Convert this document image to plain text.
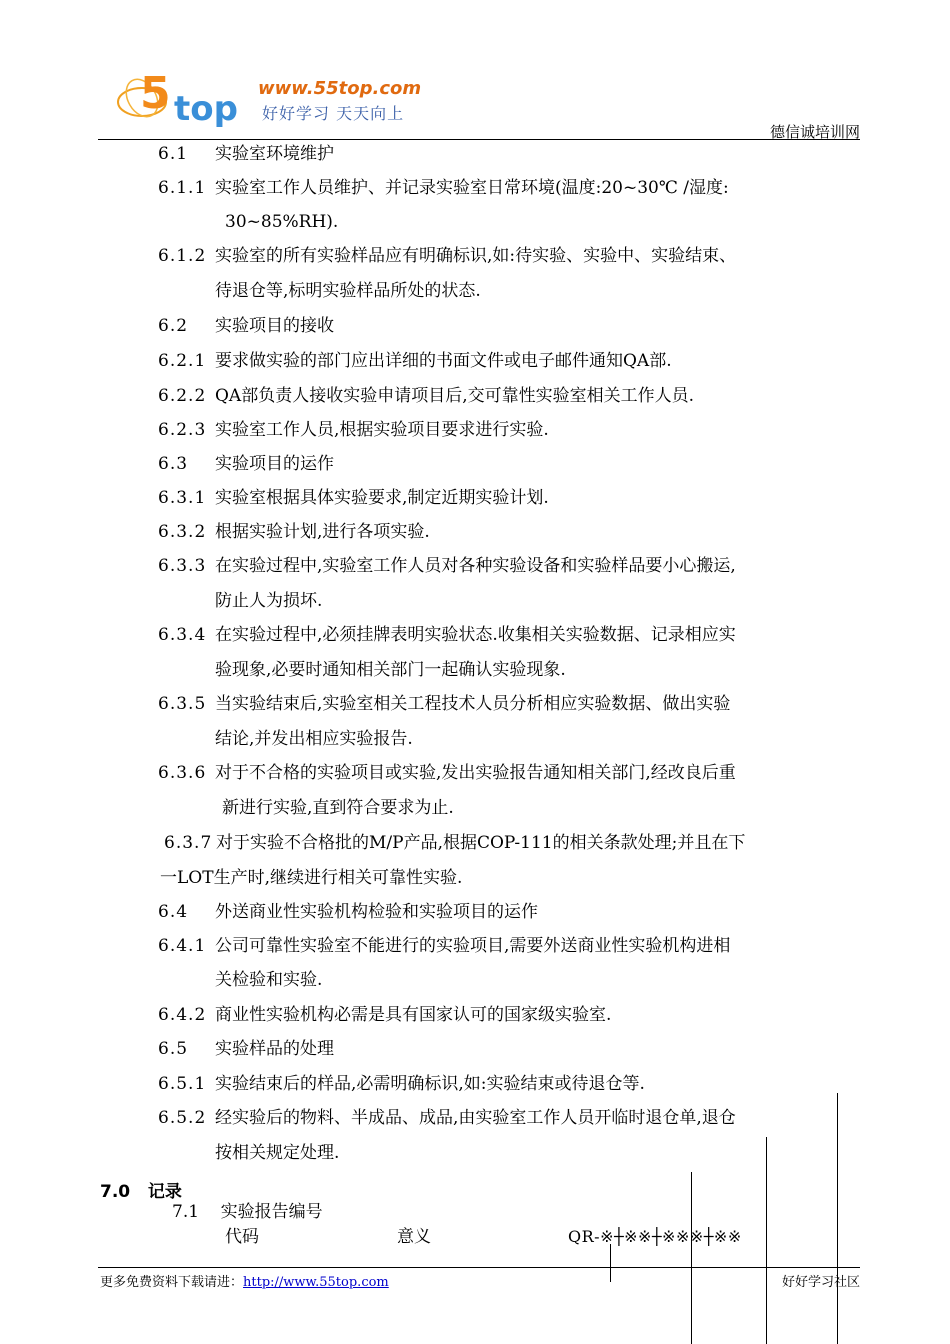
5 top
www.55top.com
好好学习 天天向上
德信诚培训网
6.1 实验室环境维护
6.1.1 实验室工作人员维护、并记录实验室日常环境(温度:20~30℃ /湿度:
30~85%RH).
6.1.2 实验室的所有实验样品应有明确标识,如:待实验、实验中、实验结束、
待退仓等,标明实验样品所处的状态.
6.2 实验项目的接收
6.2.1 要求做实验的部门应出详细的书面文件或电子邮件通知QA部.
6.2.2 QA部负责人接收实验申请项目后,交可靠性实验室相关工作人员.
6.2.3 实验室工作人员,根据实验项目要求进行实验.
6.3 实验项目的运作
6.3.1 实验室根据具体实验要求,制定近期实验计划.
6.3.2 根据实验计划,进行各项实验.
6.3.3 在实验过程中,实验室工作人员对各种实验设备和实验样品要小心搬运,
防止人为损坏.
6.3.4 在实验过程中,必须挂牌表明实验状态.收集相关实验数据、记录相应实
验现象,必要时通知相关部门一起确认实验现象.
6.3.5 当实验结束后,实验室相关工程技术人员分析相应实验数据、做出实验
结论,并发出相应实验报告.
6.3.6 对于不合格的实验项目或实验,发出实验报告通知相关部门,经改良后重
新进行实验,直到符合要求为止.
6.3.7 对于实验不合格批的M/P产品,根据COP-111的相关条款处理;并且在下
一LOT生产时,继续进行相关可靠性实验.
6.4 外送商业性实验机构检验和实验项目的运作
6.4.1 公司可靠性实验室不能进行的实验项目,需要外送商业性实验机构进相
关检验和实验.
6.4.2 商业性实验机构必需是具有国家认可的国家级实验室.
6.5 实验样品的处理
6.5.1 实验结束后的样品,必需明确标识,如:实验结束或待退仓等.
6.5.2 经实验后的物料、半成品、成品,由实验室工作人员开临时退仓单,退仓
按相关规定处理.
7.0 记录
7.1 实验报告编号
代码	意义	QR-※┼※※┼※※※┼※※
更多免费资料下载请进：http://www.55top.com	好好学习社区
